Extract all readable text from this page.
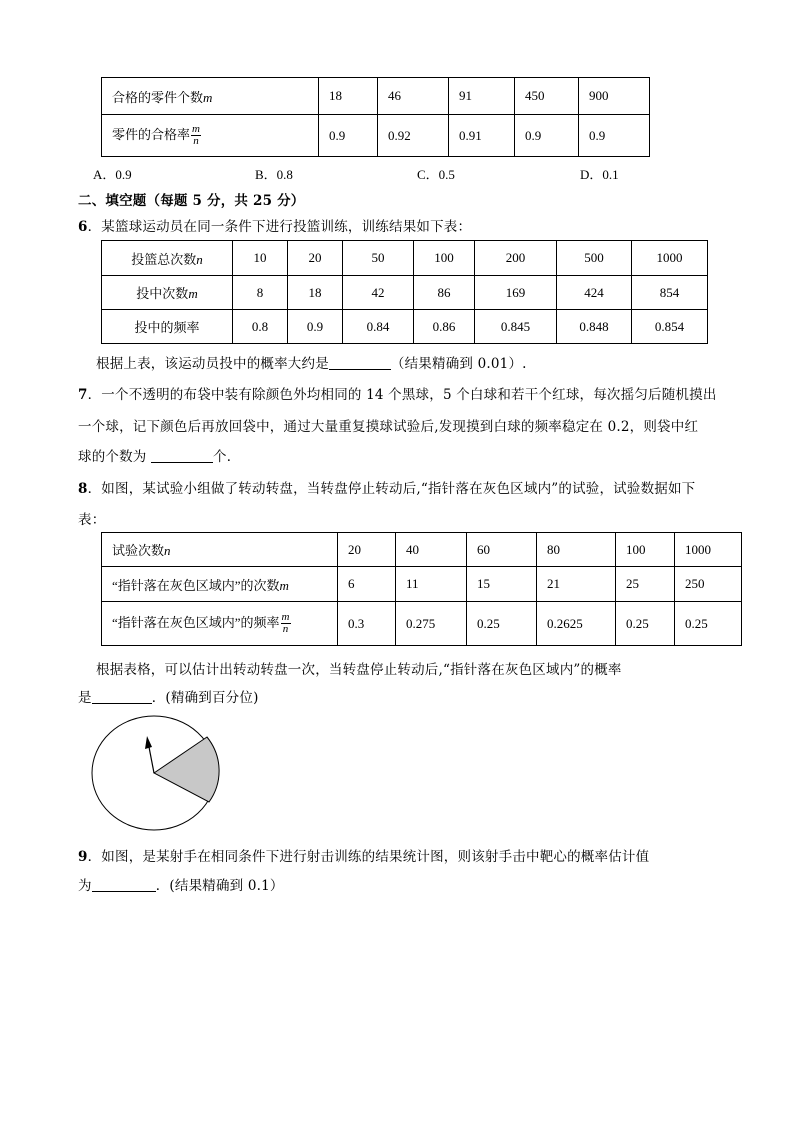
合格的零件个数m	18	46	91	450	900
零件的合格率 $\frac{m}{n}$	0.9	0.92	0.91	0.9	0.9
A．0.9	B．0.8	C．0.5	D．0.1
二、填空题（每题 5 分，共 25 分）
6．某篮球运动员在同一条件下进行投篮训练，训练结果如下表：
投篮总次数n	10	20	50	100	200	500	1000
投中次数m	8	18	42	86	169	424	854
投中的频率	0.8	0.9	0.84	0.86	0.845	0.848	0.854
根据上表，该运动员投中的概率大约是	（结果精确到 0.01）.
7．一个不透明的布袋中装有除颜色外均相同的 14 个黑球，5 个白球和若干个红球，每次摇匀后随机摸出
一个球，记下颜色后再放回袋中，通过大量重复摸球试验后,发现摸到白球的频率稳定在 0.2，则袋中红
球的个数为	个．
8．如图，某试验小组做了转动转盘，当转盘停止转动后,“指针落在灰色区域内”的试验，试验数据如下
表：
试验次数n	20	40	60	80	100	1000
“指针落在灰色区域内”的次数m	6	11	15	21	25	250
“指针落在灰色区域内”的频率 $\frac{m}{n}$	0.3	0.275	0.25	0.2625	0.25	0.25
根据表格，可以估计出转动转盘一次，当转盘停止转动后,“指针落在灰色区域内”的概率
是	．(精确到百分位)
9．如图，是某射手在相同条件下进行射击训练的结果统计图，则该射手击中靶心的概率估计值
为	．(结果精确到 0.1）
